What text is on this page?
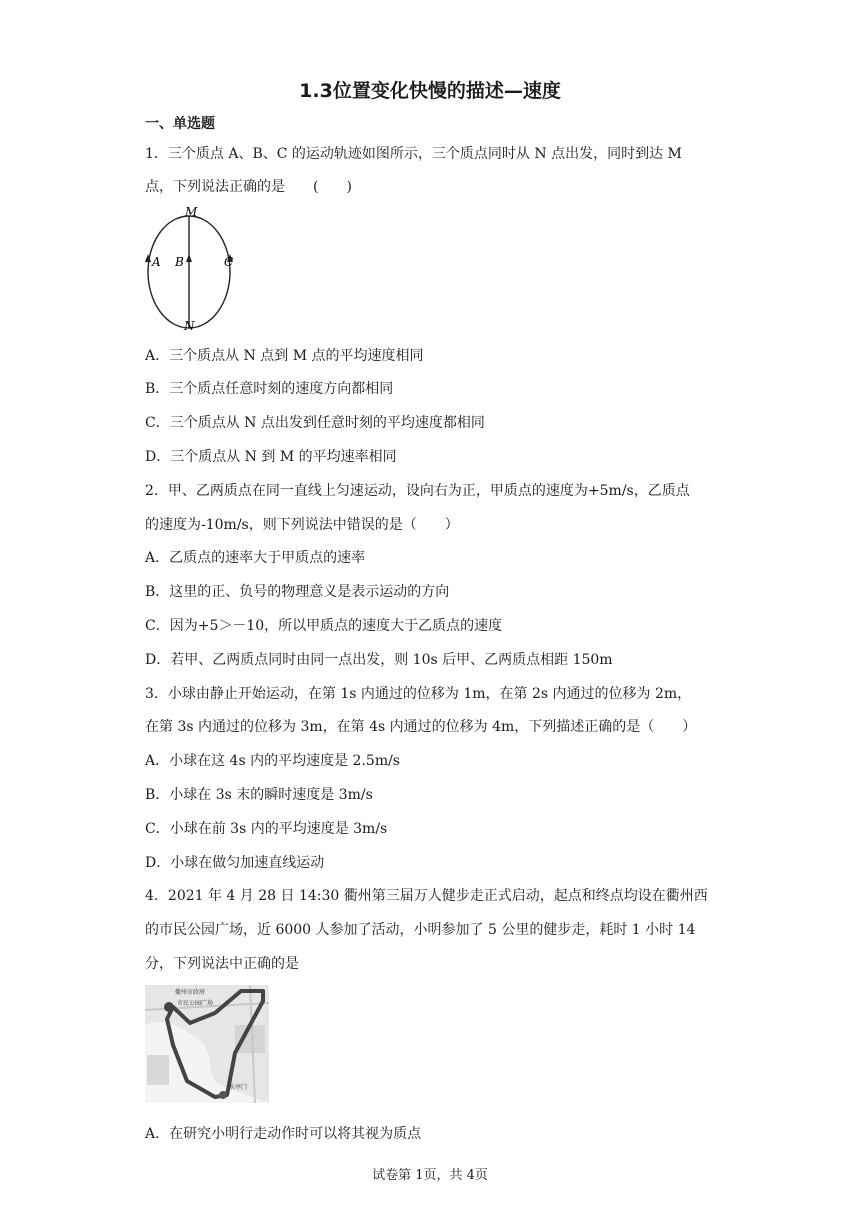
1.3位置变化快慢的描述—速度
一、单选题
1．三个质点 A、B、C 的运动轨迹如图所示，三个质点同时从 N 点出发，同时到达 M
点，下列说法正确的是　　(　　)
M
N
A B	C
A．三个质点从 N 点到 M 点的平均速度相同
B．三个质点任意时刻的速度方向都相同
C．三个质点从 N 点出发到任意时刻的平均速度都相同
D．三个质点从 N 到 M 的平均速率相同
2．甲、乙两质点在同一直线上匀速运动，设向右为正，甲质点的速度为+5m/s，乙质点
的速度为-10m/s，则下列说法中错误的是（　　）
A．乙质点的速率大于甲质点的速率
B．这里的正、负号的物理意义是表示运动的方向
C．因为+5＞－10，所以甲质点的速度大于乙质点的速度
D．若甲、乙两质点同时由同一点出发，则 10s 后甲、乙两质点相距 150m
3．小球由静止开始运动，在第 1s 内通过的位移为 1m，在第 2s 内通过的位移为 2m，
在第 3s 内通过的位移为 3m，在第 4s 内通过的位移为 4m，下列描述正确的是（　　）
A．小球在这 4s 内的平均速度是 2.5m/s
B．小球在 3s 末的瞬时速度是 3m/s
C．小球在前 3s 内的平均速度是 3m/s
D．小球在做匀加速直线运动
4．2021 年 4 月 28 日 14:30 衢州第三届万人健步走正式启动，起点和终点均设在衢州西
的市民公园广场，近 6000 人参加了活动，小明参加了 5 公里的健步走，耗时 1 小时 14
分，下列说法中正确的是
衢州市政府
市民公园广场
水亭门
A．在研究小明行走动作时可以将其视为质点
试卷第 1页，共 4页
